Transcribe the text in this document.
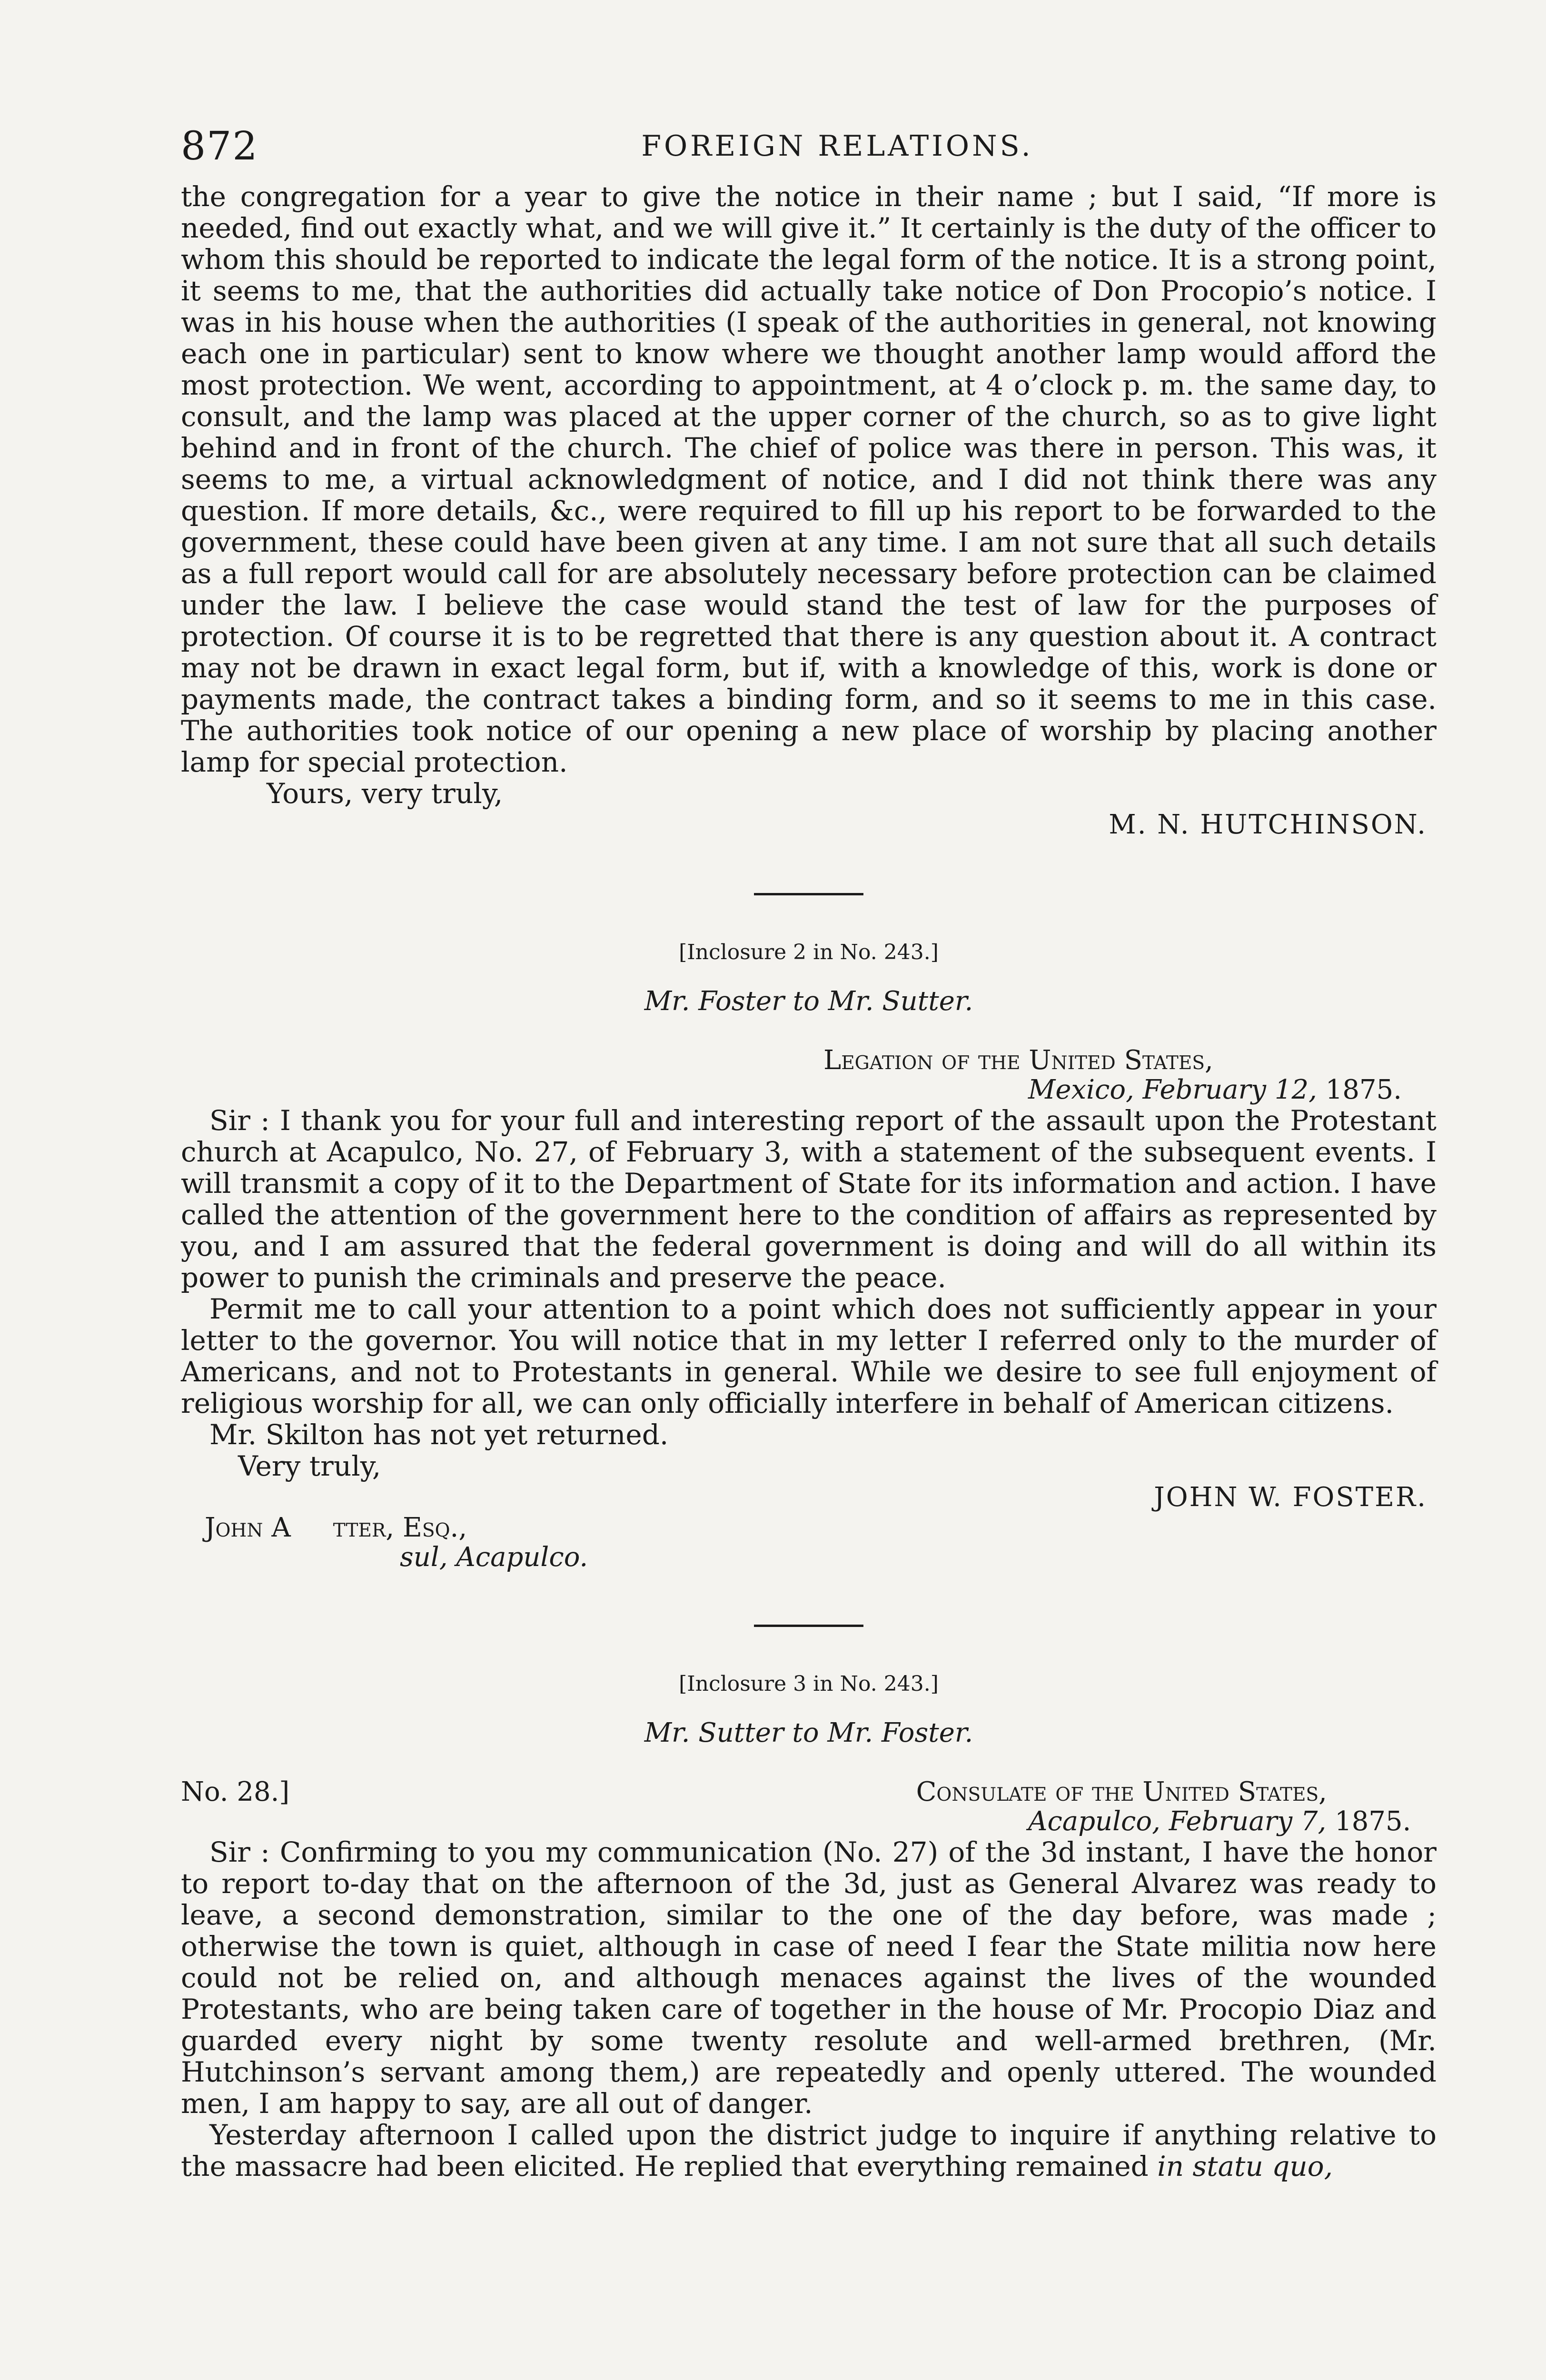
872	FOREIGN RELATIONS.

the congregation for a year to give the notice in their name ; but I said, “If more is needed, find out exactly what, and we will give it.” It certainly is the duty of the officer to whom this should be reported to indicate the legal form of the notice. It is a strong point, it seems to me, that the authorities did actually take notice of Don Procopio’s notice. I was in his house when the authorities (I speak of the authorities in general, not knowing each one in particular) sent to know where we thought another lamp would afford the most protection. We went, according to appointment, at 4 o’clock p. m. the same day, to consult, and the lamp was placed at the upper corner of the church, so as to give light behind and in front of the church. The chief of police was there in person. This was, it seems to me, a virtual acknowledgment of notice, and I did not think there was any question. If more details, &c., were required to fill up his report to be forwarded to the government, these could have been given at any time. I am not sure that all such details as a full report would call for are absolutely necessary before protection can be claimed under the law. I believe the case would stand the test of law for the purposes of protection. Of course it is to be regretted that there is any question about it. A contract may not be drawn in exact legal form, but if, with a knowledge of this, work is done or payments made, the contract takes a binding form, and so it seems to me in this case. The authorities took notice of our opening a new place of worship by placing another lamp for special protection.

Yours, very truly,
M. N. HUTCHINSON.
[Inclosure 2 in No. 243.]
Mr. Foster to Mr. Sutter.
Legation of the United States,
Mexico, February 12, 1875.

Sir : I thank you for your full and interesting report of the assault upon the Protestant church at Acapulco, No. 27, of February 3, with a statement of the subsequent events. I will transmit a copy of it to the Department of State for its information and action. I have called the attention of the government here to the condition of affairs as represented by you, and I am assured that the federal government is doing and will do all within its power to punish the criminals and preserve the peace.

Permit me to call your attention to a point which does not sufficiently appear in your letter to the governor. You will notice that in my letter I referred only to the murder of Americans, and not to Protestants in general. While we desire to see full enjoyment of religious worship for all, we can only officially interfere in behalf of American citizens.

Mr. Skilton has not yet returned.

Very truly,
JOHN W. FOSTER.
John A     tter, Esq.,
sul, Acapulco.
[Inclosure 3 in No. 243.]
Mr. Sutter to Mr. Foster.
No. 28.]	Consulate of the United States,
Acapulco, February 7, 1875.

Sir : Confirming to you my communication (No. 27) of the 3d instant, I have the honor to report to-day that on the afternoon of the 3d, just as General Alvarez was ready to leave, a second demonstration, similar to the one of the day before, was made ; otherwise the town is quiet, although in case of need I fear the State militia now here could not be relied on, and although menaces against the lives of the wounded Protestants, who are being taken care of together in the house of Mr. Procopio Diaz and guarded every night by some twenty resolute and well-armed brethren, (Mr. Hutchinson’s servant among them,) are repeatedly and openly uttered. The wounded men, I am happy to say, are all out of danger.

Yesterday afternoon I called upon the district judge to inquire if anything relative to the massacre had been elicited. He replied that everything remained in statu quo,
